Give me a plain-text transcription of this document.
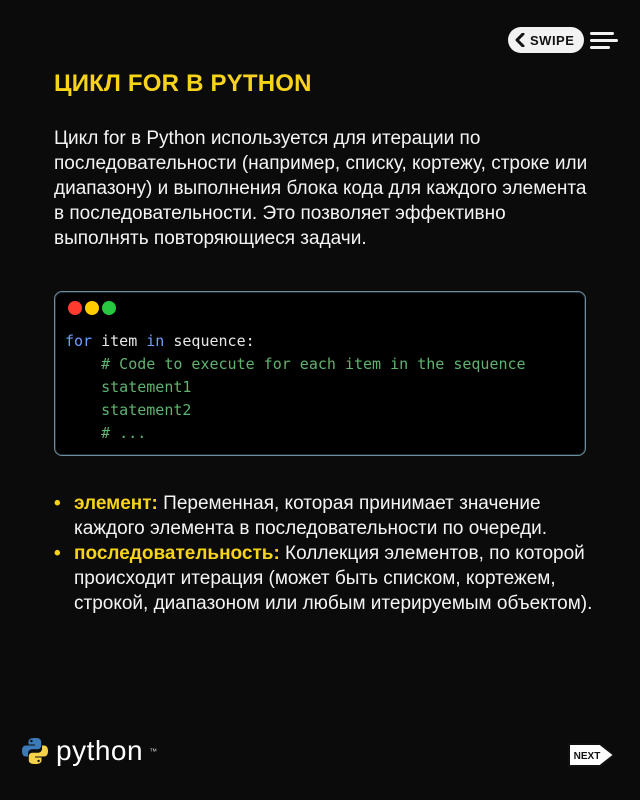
SWIPE
ЦИКЛ FOR В PYTHON
Цикл for в Python используется для итерации по последовательности (например, списку, кортежу, строке или диапазону) и выполнения блока кода для каждого элемента в последовательности. Это позволяет эффективно выполнять повторяющиеся задачи.
for item in sequence:
# Code to execute for each item in the sequence
statement1
statement2
# ...
• элемент: Переменная, которая принимает значение каждого элемента в последовательности по очереди.
• последовательность: Коллекция элементов, по которой происходит итерация (может быть списком, кортежем, строкой, диапазоном или любым итерируемым объектом).
python ™	NEXT
